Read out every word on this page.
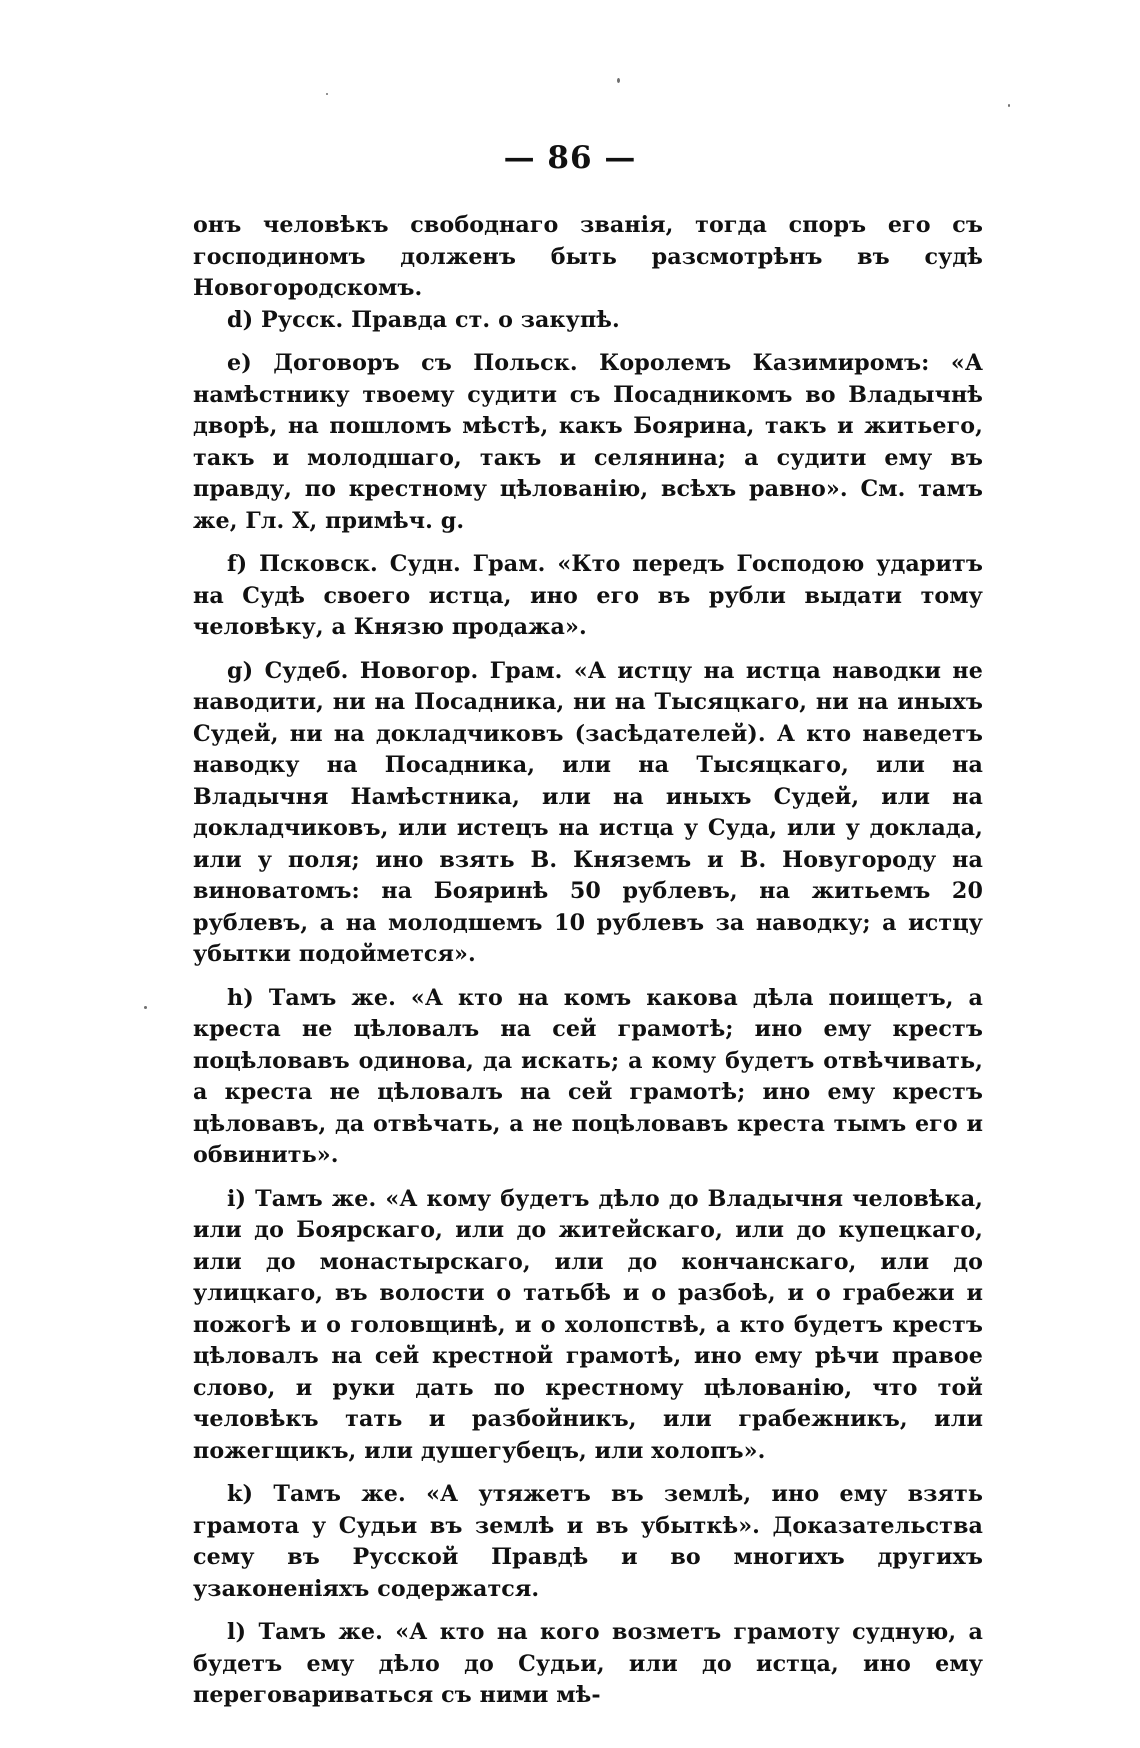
— 86 —

онъ человѣкъ свободнаго званія, тогда споръ его съ господиномъ долженъ быть разсмотрѣнъ въ судѣ Новогородскомъ.

d) Русск. Правда ст. о закупѣ.

е) Договоръ съ Польск. Королемъ Казимиромъ: «А намѣстнику твоему судити съ Посадникомъ во Владычнѣ дворѣ, на пошломъ мѣстѣ, какъ Боярина, такъ и житьего, такъ и молодшаго, такъ и селянина; а судити ему въ правду, по крестному цѣлованію, всѣхъ равно». См. тамъ же, Гл. X, примѣч. g.

f) Псковск. Судн. Грам. «Кто передъ Господою ударитъ на Судѣ своего истца, ино его въ рубли выдати тому человѣку, а Князю продажа».

g) Судеб. Новогор. Грам. «А истцу на истца наводки не наводити, ни на Посадника, ни на Тысяцкаго, ни на иныхъ Судей, ни на докладчиковъ (засѣдателей). А кто наведетъ наводку на Посадника, или на Тысяцкаго, или на Владычня Намѣстника, или на иныхъ Судей, или на докладчиковъ, или истецъ на истца у Суда, или у доклада, или у поля; ино взять В. Княземъ и В. Новугороду на виноватомъ: на Бояринѣ 50 рублевъ, на житьемъ 20 рублевъ, а на молодшемъ 10 рублевъ за наводку; а истцу убытки подоймется».

h) Тамъ же. «А кто на комъ какова дѣла поищетъ, а креста не цѣловалъ на сей грамотѣ; ино ему крестъ поцѣловавъ одинова, да искать; а кому будетъ отвѣчивать, а креста не цѣловалъ на сей грамотѣ; ино ему крестъ цѣловавъ, да отвѣчать, а не поцѣловавъ креста тымъ его и обвинить».

i) Тамъ же. «А кому будетъ дѣло до Владычня человѣка, или до Боярскаго, или до житейскаго, или до купецкаго, или до монастырскаго, или до кончанскаго, или до улицкаго, въ волости о татьбѣ и о разбоѣ, и о грабежи и пожогѣ и о головщинѣ, и о холопствѣ, а кто будетъ крестъ цѣловалъ на сей крестной грамотѣ, ино ему рѣчи правое слово, и руки дать по крестному цѣлованію, что той человѣкъ тать и разбойникъ, или грабежникъ, или пожегщикъ, или душегубецъ, или холопъ».

k) Тамъ же. «А утяжетъ въ землѣ, ино ему взять грамота у Судьи въ землѣ и въ убыткѣ». Доказательства сему въ Русской Правдѣ и во многихъ другихъ узаконеніяхъ содержатся.

l) Тамъ же. «А кто на кого возметъ грамоту судную, а будетъ ему дѣло до Судьи, или до истца, ино ему переговариваться съ ними мѣ-
